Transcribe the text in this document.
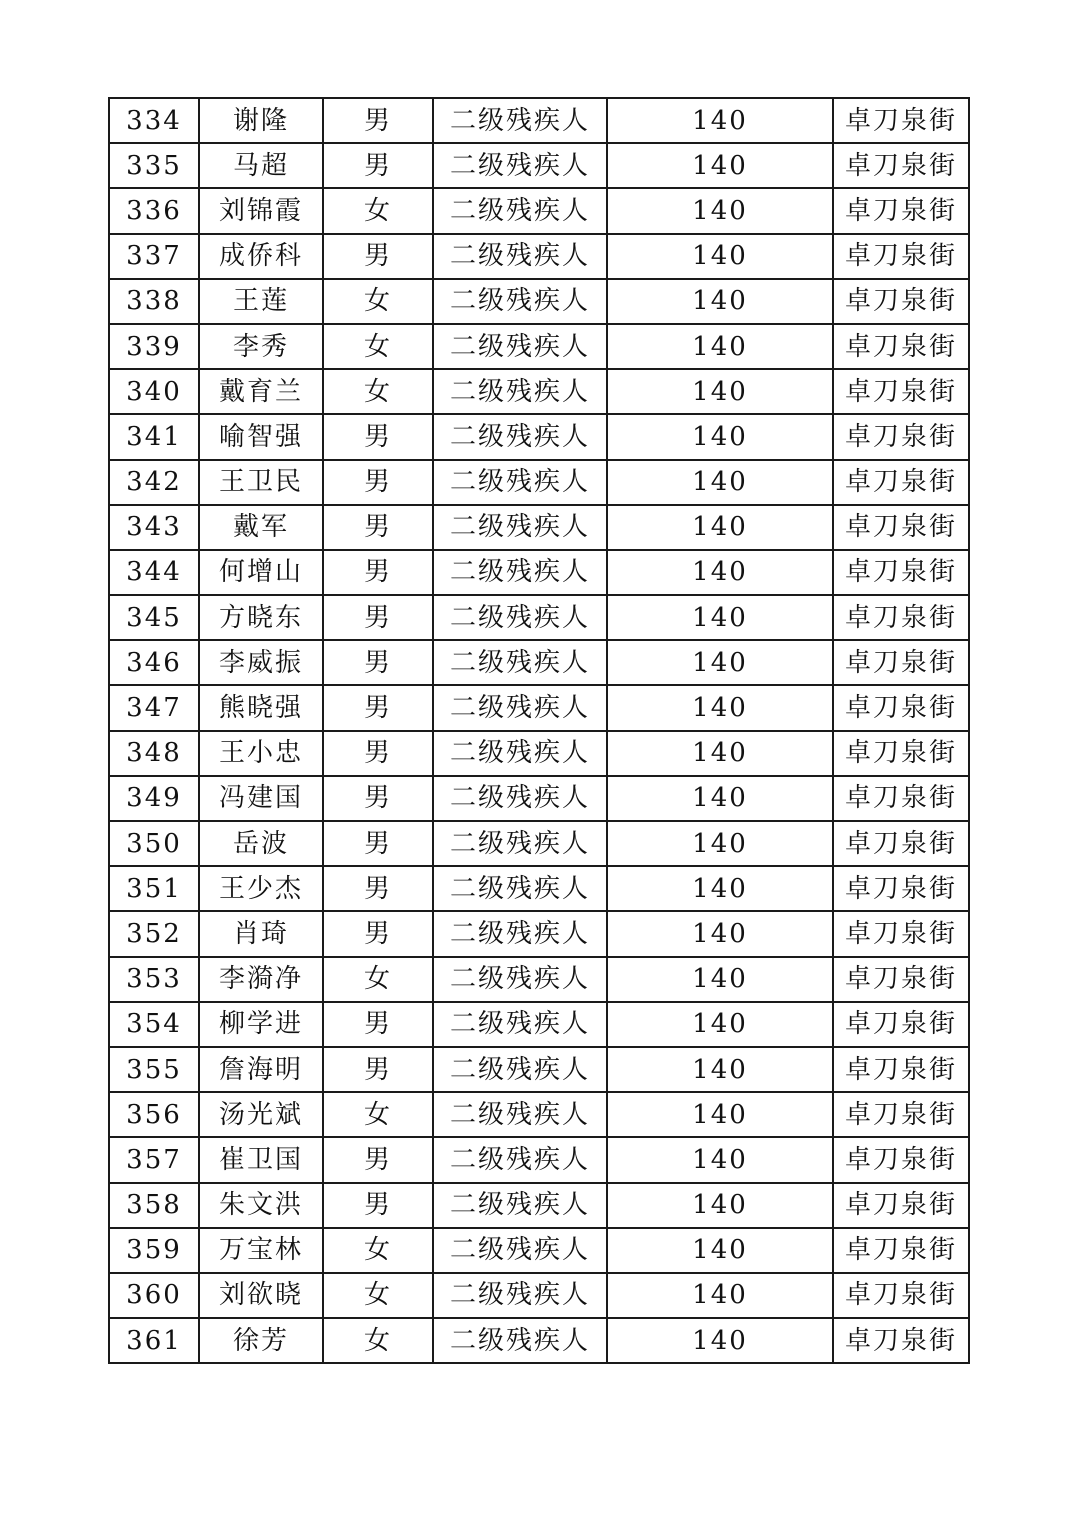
334	谢隆	男	二级残疾人	140	卓刀泉街
335	马超	男	二级残疾人	140	卓刀泉街
336	刘锦霞	女	二级残疾人	140	卓刀泉街
337	成侨科	男	二级残疾人	140	卓刀泉街
338	王莲	女	二级残疾人	140	卓刀泉街
339	李秀	女	二级残疾人	140	卓刀泉街
340	戴育兰	女	二级残疾人	140	卓刀泉街
341	喻智强	男	二级残疾人	140	卓刀泉街
342	王卫民	男	二级残疾人	140	卓刀泉街
343	戴军	男	二级残疾人	140	卓刀泉街
344	何增山	男	二级残疾人	140	卓刀泉街
345	方晓东	男	二级残疾人	140	卓刀泉街
346	李威振	男	二级残疾人	140	卓刀泉街
347	熊晓强	男	二级残疾人	140	卓刀泉街
348	王小忠	男	二级残疾人	140	卓刀泉街
349	冯建国	男	二级残疾人	140	卓刀泉街
350	岳波	男	二级残疾人	140	卓刀泉街
351	王少杰	男	二级残疾人	140	卓刀泉街
352	肖琦	男	二级残疾人	140	卓刀泉街
353	李漪净	女	二级残疾人	140	卓刀泉街
354	柳学进	男	二级残疾人	140	卓刀泉街
355	詹海明	男	二级残疾人	140	卓刀泉街
356	汤光斌	女	二级残疾人	140	卓刀泉街
357	崔卫国	男	二级残疾人	140	卓刀泉街
358	朱文洪	男	二级残疾人	140	卓刀泉街
359	万宝林	女	二级残疾人	140	卓刀泉街
360	刘欲晓	女	二级残疾人	140	卓刀泉街
361	徐芳	女	二级残疾人	140	卓刀泉街
